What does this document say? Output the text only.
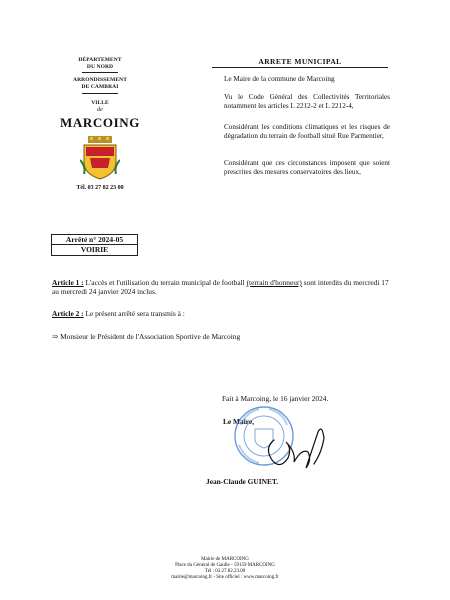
DÉPARTEMENT
DU NORD
ARRONDISSEMENT
DE CAMBRAI
VILLE
de
MARCOING
Tél. 03 27 82 23 00
Arrêté n° 2024-05
VOIRIE
ARRETE MUNICIPAL
Le Maire de la commune de Marcoing
Vu le Code Général des Collectivités Territoriales notamment les articles L 2212-2 et L 2212-4,
Considérant les conditions climatiques et les risques de dégradation du terrain de football situé Rue Parmentier,
Considérant que ces circonstances imposent que soient prescrites des mesures conservatoires des lieux,
Article 1 : L'accès et l'utilisation du terrain municipal de football (terrain d'honneur) sont interdits du mercredi 17 au mercredi 24 janvier 2024 inclus.
Article 2 : Le présent arrêté sera transmis à :
⇒ Monsieur le Président de l'Association Sportive de Marcoing
Fait à Marcoing, le 16 janvier 2024.
Le Maire,
Jean-Claude GUINET.
Mairie de MARCOING
Place du Général de Gaulle - 59159 MARCOING
Tél : 03.27.82.23.00
mairie@marcoing.fr - Site officiel : www.marcoing.fr
